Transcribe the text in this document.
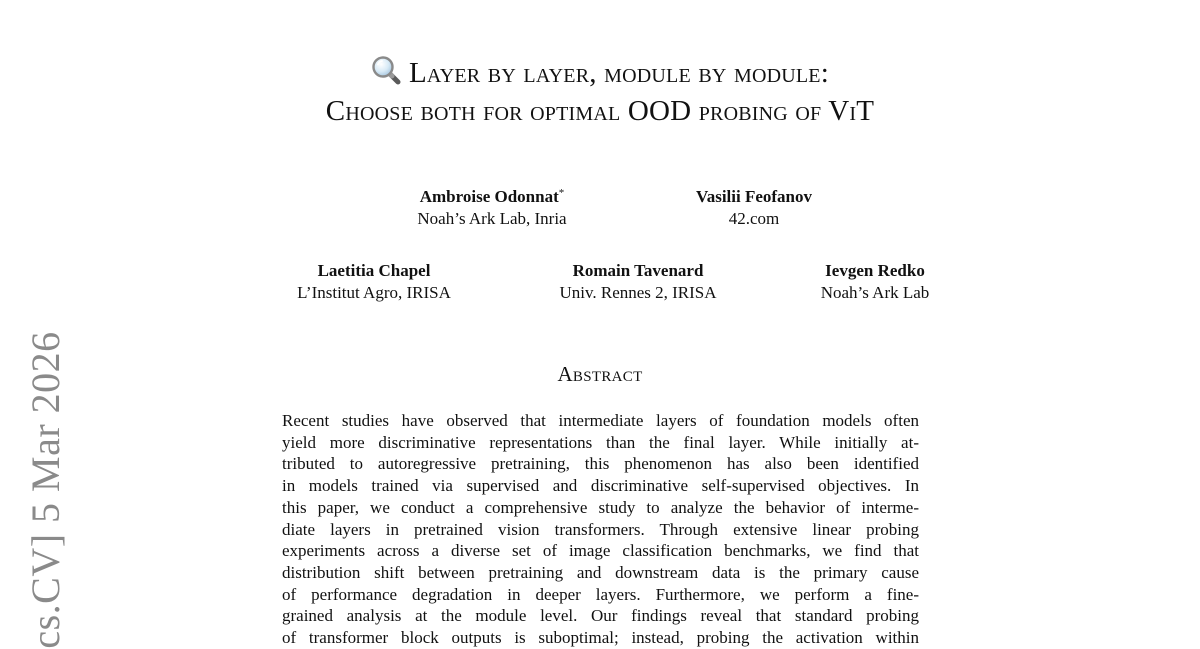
Layer by layer, module by module:
Choose both for optimal OOD probing of ViT
Ambroise Odonnat*
Noah’s Ark Lab, Inria
Vasilii Feofanov
42.com
Laetitia Chapel
L’Institut Agro, IRISA
Romain Tavenard
Univ. Rennes 2, IRISA
Ievgen Redko
Noah’s Ark Lab
Abstract
Recent studies have observed that intermediate layers of foundation models often
yield more discriminative representations than the final layer. While initially at-
tributed to autoregressive pretraining, this phenomenon has also been identified
in models trained via supervised and discriminative self-supervised objectives. In
this paper, we conduct a comprehensive study to analyze the behavior of interme-
diate layers in pretrained vision transformers. Through extensive linear probing
experiments across a diverse set of image classification benchmarks, we find that
distribution shift between pretraining and downstream data is the primary cause
of performance degradation in deeper layers. Furthermore, we perform a fine-
grained analysis at the module level. Our findings reveal that standard probing
of transformer block outputs is suboptimal; instead, probing the activation within
cs.CV] 5 Mar 2026
